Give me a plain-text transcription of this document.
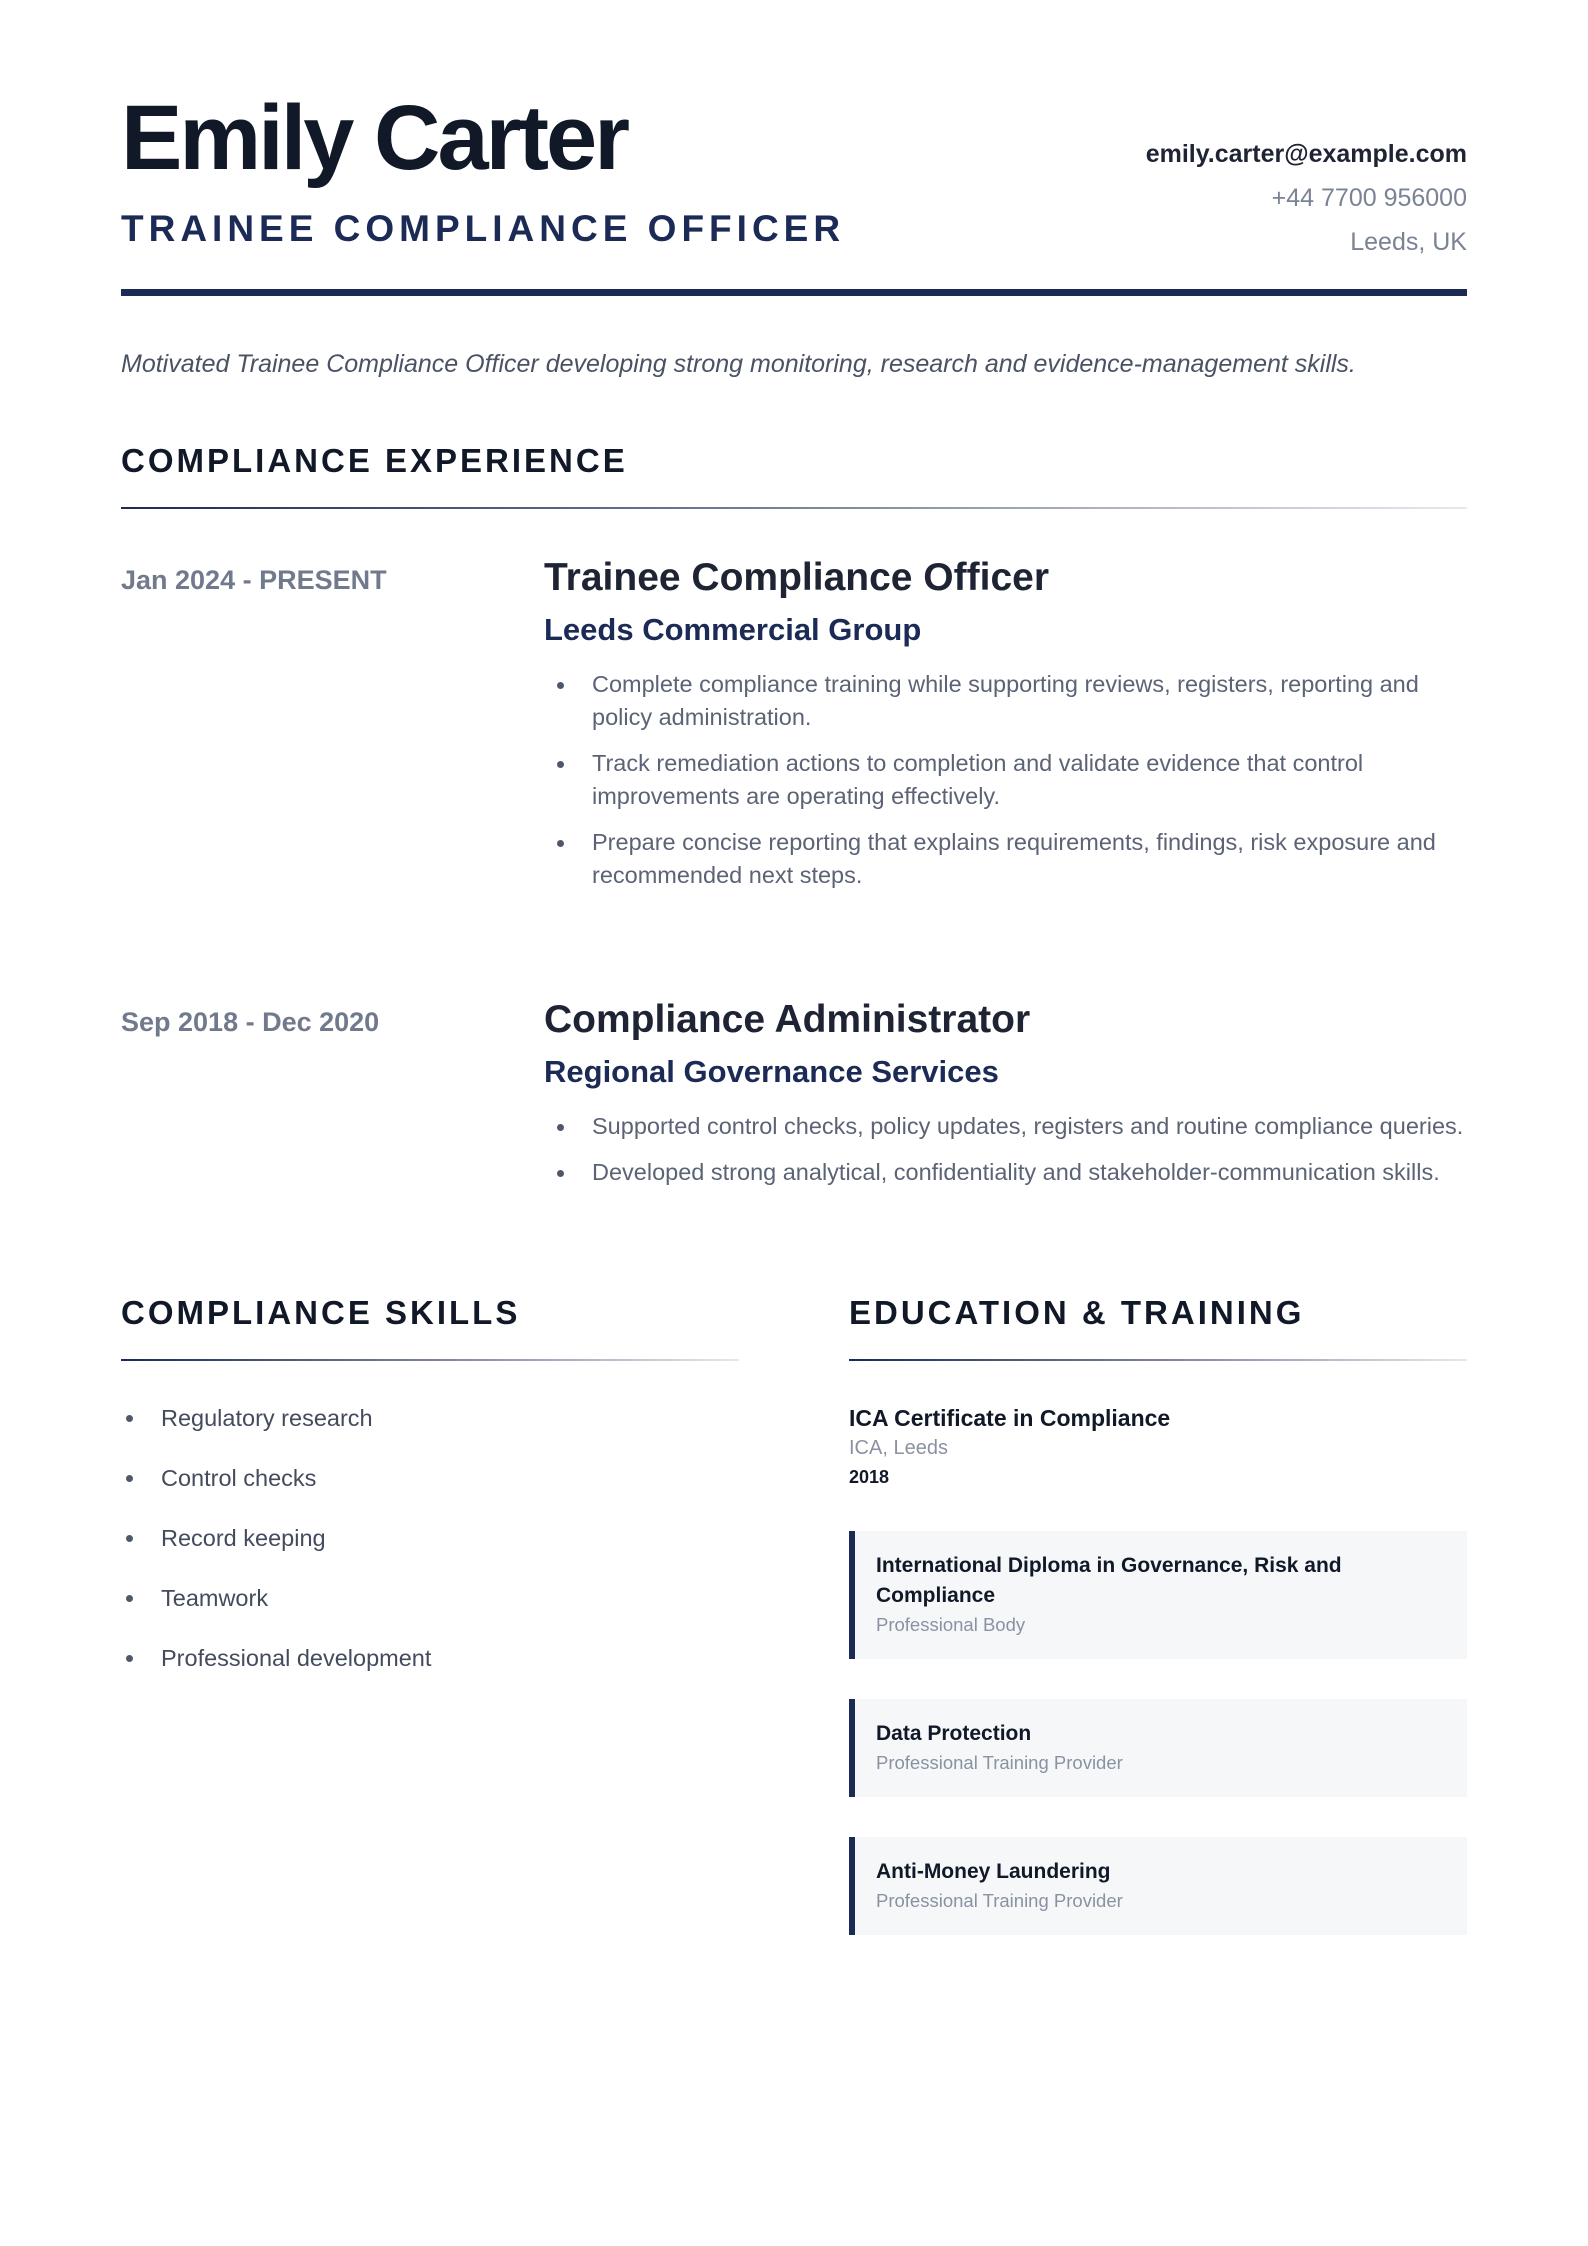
Emily Carter
TRAINEE COMPLIANCE OFFICER
emily.carter@example.com
+44 7700 956000
Leeds, UK

Motivated Trainee Compliance Officer developing strong monitoring, research and evidence-management skills.

COMPLIANCE EXPERIENCE
Jan 2024 - PRESENT	Trainee Compliance Officer
Leeds Commercial Group
Complete compliance training while supporting reviews, registers, reporting and policy administration.
Track remediation actions to completion and validate evidence that control improvements are operating effectively.
Prepare concise reporting that explains requirements, findings, risk exposure and recommended next steps.
Sep 2018 - Dec 2020	Compliance Administrator
Regional Governance Services
Supported control checks, policy updates, registers and routine compliance queries.
Developed strong analytical, confidentiality and stakeholder-communication skills.
COMPLIANCE SKILLS
Regulatory research
Control checks
Record keeping
Teamwork
Professional development
EDUCATION & TRAINING
ICA Certificate in Compliance
ICA, Leeds
2018
International Diploma in Governance, Risk and Compliance
Professional Body
Data Protection
Professional Training Provider
Anti-Money Laundering
Professional Training Provider
